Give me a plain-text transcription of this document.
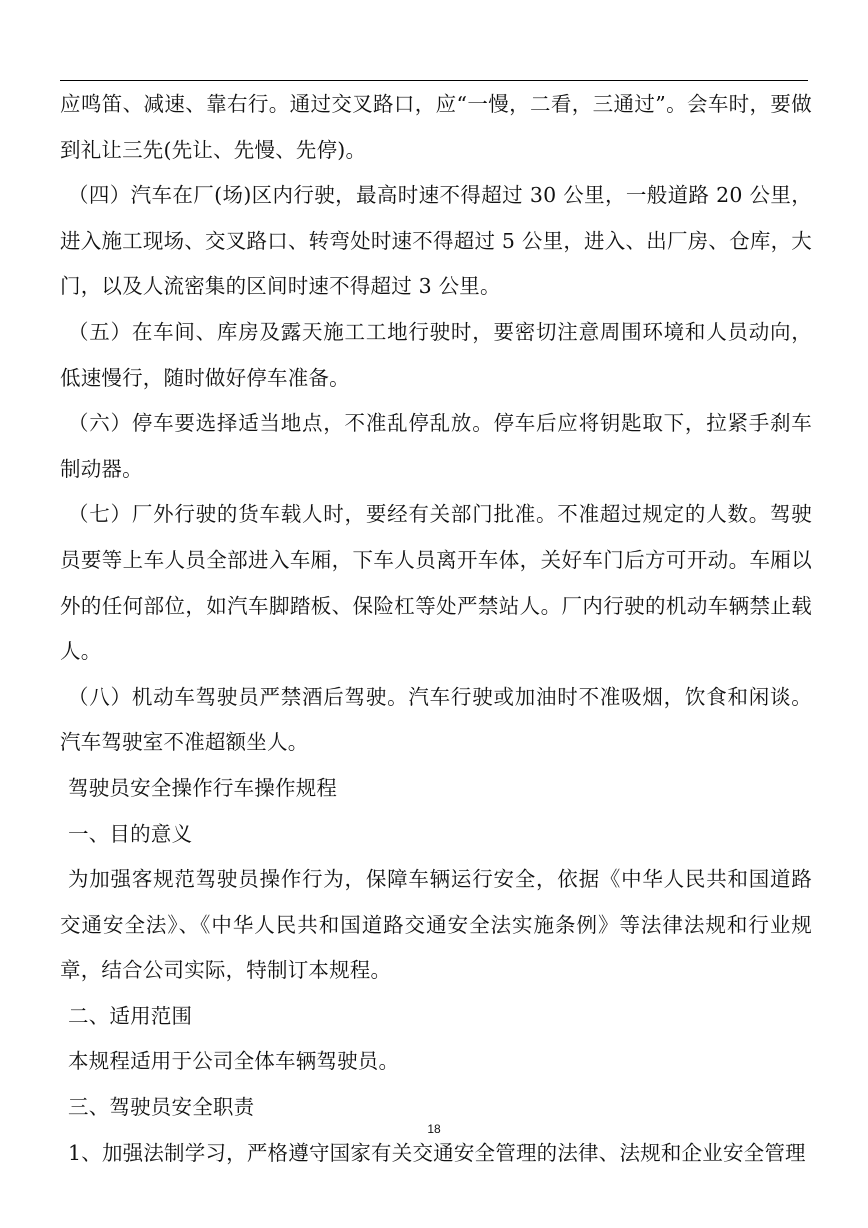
应鸣笛、减速、靠右行。通过交叉路口，应“一慢，二看，三通过”。会车时，要做到礼让三先(先让、先慢、先停)。

（四）汽车在厂(场)区内行驶，最高时速不得超过 30 公里，一般道路 20 公里，进入施工现场、交叉路口、转弯处时速不得超过 5 公里，进入、出厂房、仓库，大门，以及人流密集的区间时速不得超过 3 公里。

（五）在车间、库房及露天施工工地行驶时，要密切注意周围环境和人员动向，低速慢行，随时做好停车准备。

（六）停车要选择适当地点，不准乱停乱放。停车后应将钥匙取下，拉紧手刹车制动器。

（七）厂外行驶的货车载人时，要经有关部门批准。不准超过规定的人数。驾驶员要等上车人员全部进入车厢，下车人员离开车体，关好车门后方可开动。车厢以外的任何部位，如汽车脚踏板、保险杠等处严禁站人。厂内行驶的机动车辆禁止载人。

（八）机动车驾驶员严禁酒后驾驶。汽车行驶或加油时不准吸烟，饮食和闲谈。汽车驾驶室不准超额坐人。

驾驶员安全操作行车操作规程

一、目的意义

为加强客规范驾驶员操作行为，保障车辆运行安全，依据《中华人民共和国道路交通安全法》、《中华人民共和国道路交通安全法实施条例》等法律法规和行业规章，结合公司实际，特制订本规程。

二、适用范围

本规程适用于公司全体车辆驾驶员。

三、驾驶员安全职责

1、加强法制学习，严格遵守国家有关交通安全管理的法律、法规和企业安全管理

18
